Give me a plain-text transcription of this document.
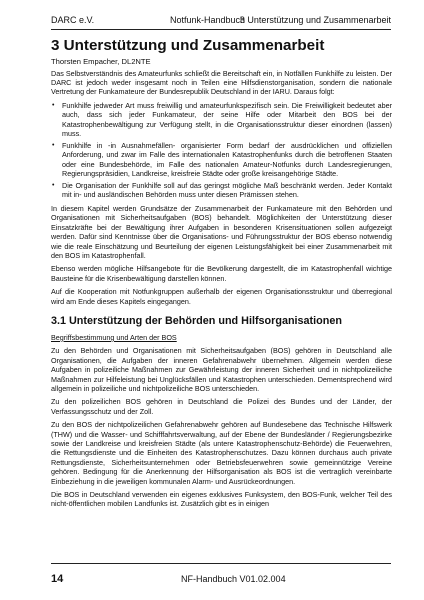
DARC e.V.	Notfunk-Handbuch
3 Unterstützung und Zusammenarbeit
3 Unterstützung und Zusammenarbeit
Thorsten Empacher, DL2NTE

Das Selbstverständnis des Amateurfunks schließt die Bereitschaft ein, in Notfällen Funkhilfe zu leisten. Der DARC ist jedoch weder insgesamt noch in Teilen eine Hilfsdienstorganisation, sondern die nationale Vertretung der Funkamateure der Bundesrepublik Deutschland in der IARU. Daraus folgt:

• Funkhilfe jedweder Art muss freiwillig und amateurfunkspezifisch sein. Die Freiwilligkeit bedeutet aber auch, dass sich jeder Funkamateur, der seine Hilfe oder Mitarbeit den BOS bei der Katastrophenbewältigung zur Verfügung stellt, in die Organisationsstruktur dieser einordnen (lassen) muss.
• Funkhilfe in -in Ausnahmefällen- organisierter Form bedarf der ausdrücklichen und offiziellen Anforderung, und zwar im Falle des internationalen Katastrophenfunks durch die betroffenen Staaten oder eine Bundesbehörde, im Falle des nationalen Amateur-Notfunks durch Landesregierungen, Regierungspräsidien, Landkreise, kreisfreie Städte oder große kreisangehörige Städte.
• Die Organisation der Funkhilfe soll auf das geringst mögliche Maß beschränkt werden. Jeder Kontakt mit in- und ausländischen Behörden muss unter diesen Prämissen stehen.

In diesem Kapitel werden Grundsätze der Zusammenarbeit der Funkamateure mit den Behörden und Organisationen mit Sicherheitsaufgaben (BOS) behandelt. Möglichkeiten der Unterstützung dieser Einsatzkräfte bei der Bewältigung ihrer Aufgaben in besonderen Krisensituationen sollen aufgezeigt werden. Dafür sind Kenntnisse über die Organisations- und Führungsstruktur der BOS ebenso notwendig wie die reale Einschätzung und Beurteilung der eigenen Leistungsfähigkeit bei einer Zusammenarbeit mit den BOS im Katastrophenfall.

Ebenso werden mögliche Hilfsangebote für die Bevölkerung dargestellt, die im Katastrophenfall wichtige Bausteine für die Krisenbewältigung darstellen können.

Auf die Kooperation mit Notfunkgruppen außerhalb der eigenen Organisationsstruktur und überregional wird am Ende dieses Kapitels eingegangen.

3.1 Unterstützung der Behörden und Hilfsorganisationen
Begriffsbestimmung und Arten der BOS

Zu den Behörden und Organisationen mit Sicherheitsaufgaben (BOS) gehören in Deutschland alle Organisationen, die Aufgaben der inneren Gefahrenabwehr übernehmen. Allgemein werden diese Aufgaben in polizeiliche Maßnahmen zur Gewährleistung der inneren Sicherheit und in nichtpolizeiliche Maßnahmen zur Hilfeleistung bei Unglücksfällen und Katastrophen unterschieden. Dementsprechend wird allgemein in polizeiliche und nichtpolizeiliche BOS unterschieden.

Zu den polizeilichen BOS gehören in Deutschland die Polizei des Bundes und der Länder, der Verfassungsschutz und der Zoll.

Zu den BOS der nichtpolizeilichen Gefahrenabwehr gehören auf Bundesebene das Technische Hilfswerk (THW) und die Wasser- und Schifffahrtsverwaltung, auf der Ebene der Bundesländer / Regierungsbezirke sowie der Landkreise und kreisfreien Städte (als untere Katastrophenschutz-Behörde) die Feuerwehren, die Rettungsdienste und die Einheiten des Katastrophenschutzes. Dazu können durchaus auch private Rettungsdienste, Sicherheitsunternehmen oder Betriebsfeuerwehren sowie gemeinnützige Vereine gehören. Bedingung für die Anerkennung der Hilfsorganisation als BOS ist die vertraglich vereinbarte Einbeziehung in die jeweiligen kommunalen Alarm- und Ausrückeordnungen.

Die BOS in Deutschland verwenden ein eigenes exklusives Funksystem, den BOS-Funk, welcher Teil des nicht-öffentlichen mobilen Landfunks ist. Zusätzlich gibt es in einigen

14	NF-Handbuch V01.02.004
